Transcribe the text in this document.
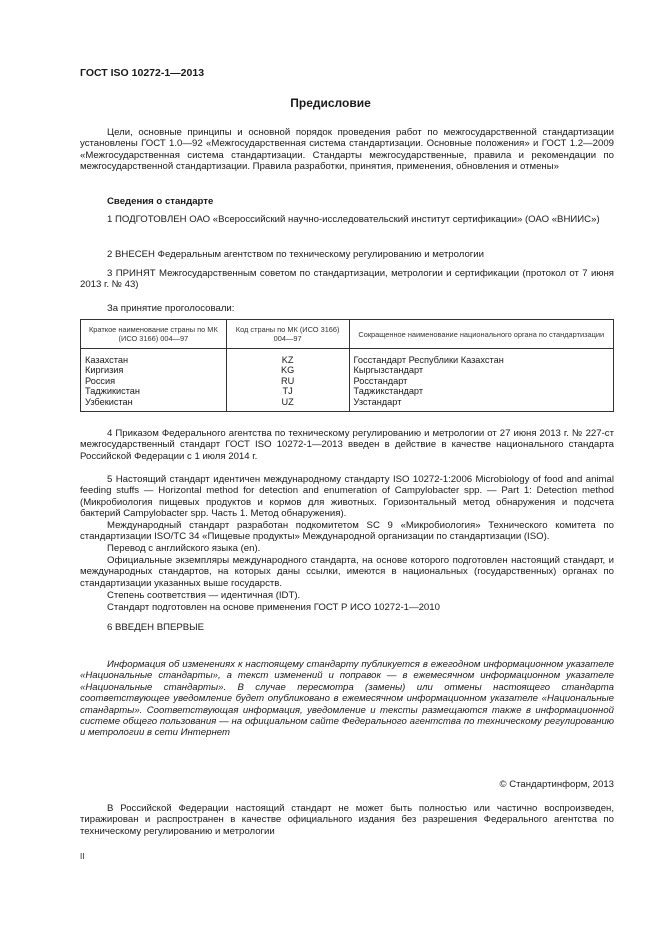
ГОСТ ISO 10272-1—2013
Предисловие

Цели, основные принципы и основной порядок проведения работ по межгосударственной стандартизации установлены ГОСТ 1.0—92 «Межгосударственная система стандартизации. Основные положения» и ГОСТ 1.2—2009 «Межгосударственная система стандартизации. Стандарты межгосударственные, правила и рекомендации по межгосударственной стандартизации. Правила разработки, принятия, применения, обновления и отмены»

Сведения о стандарте

1 ПОДГОТОВЛЕН ОАО «Всероссийский научно-исследовательский институт сертификации» (ОАО «ВНИИС»)

2 ВНЕСЕН Федеральным агентством по техническому регулированию и метрологии

3 ПРИНЯТ Межгосударственным советом по стандартизации, метрологии и сертификации (протокол от 7 июня 2013 г. № 43)

За принятие проголосовали:

Краткое наименование страны по МК (ИСО 3166) 004—97	Код страны по МК (ИСО 3166) 004—97	Сокращенное наименование национального органа по стандартизации
Казахстан	KZ	Госстандарт Республики Казахстан
Киргизия	KG	Кыргызстандарт
Россия	RU	Росстандарт
Таджикистан	TJ	Таджикстандарт
Узбекистан	UZ	Узстандарт

4 Приказом Федерального агентства по техническому регулированию и метрологии от 27 июня 2013 г. № 227-ст межгосударственный стандарт ГОСТ ISO 10272-1—2013 введен в действие в качестве национального стандарта Российской Федерации с 1 июля 2014 г.

5 Настоящий стандарт идентичен международному стандарту ISO 10272-1:2006 Microbiology of food and animal feeding stuffs — Horizontal method for detection and enumeration of Campylobacter spp. — Part 1: Detection method (Микробиология пищевых продуктов и кормов для животных. Горизонтальный метод обнаружения и подсчета бактерий Campylobacter spp. Часть 1. Метод обнаружения).

Международный стандарт разработан подкомитетом SC 9 «Микробиология» Технического комитета по стандартизации ISO/TC 34 «Пищевые продукты» Международной организации по стандартизации (ISO).

Перевод с английского языка (en).

Официальные экземпляры международного стандарта, на основе которого подготовлен настоящий стандарт, и международных стандартов, на которых даны ссылки, имеются в национальных (государственных) органах по стандартизации указанных выше государств.

Степень соответствия — идентичная (IDT).

Стандарт подготовлен на основе применения ГОСТ Р ИСО 10272-1—2010

6 ВВЕДЕН ВПЕРВЫЕ

Информация об изменениях к настоящему стандарту публикуется в ежегодном информационном указателе «Национальные стандарты», а текст изменений и поправок — в ежемесячном информационном указателе «Национальные стандарты». В случае пересмотра (замены) или отмены настоящего стандарта соответствующее уведомление будет опубликовано в ежемесячном информационном указателе «Национальные стандарты». Соответствующая информация, уведомление и тексты размещаются также в информационной системе общего пользования — на официальном сайте Федерального агентства по техническому регулированию и метрологии в сети Интернет

© Стандартинформ, 2013

В Российской Федерации настоящий стандарт не может быть полностью или частично воспроизведен, тиражирован и распространен в качестве официального издания без разрешения Федерального агентства по техническому регулированию и метрологии

II
